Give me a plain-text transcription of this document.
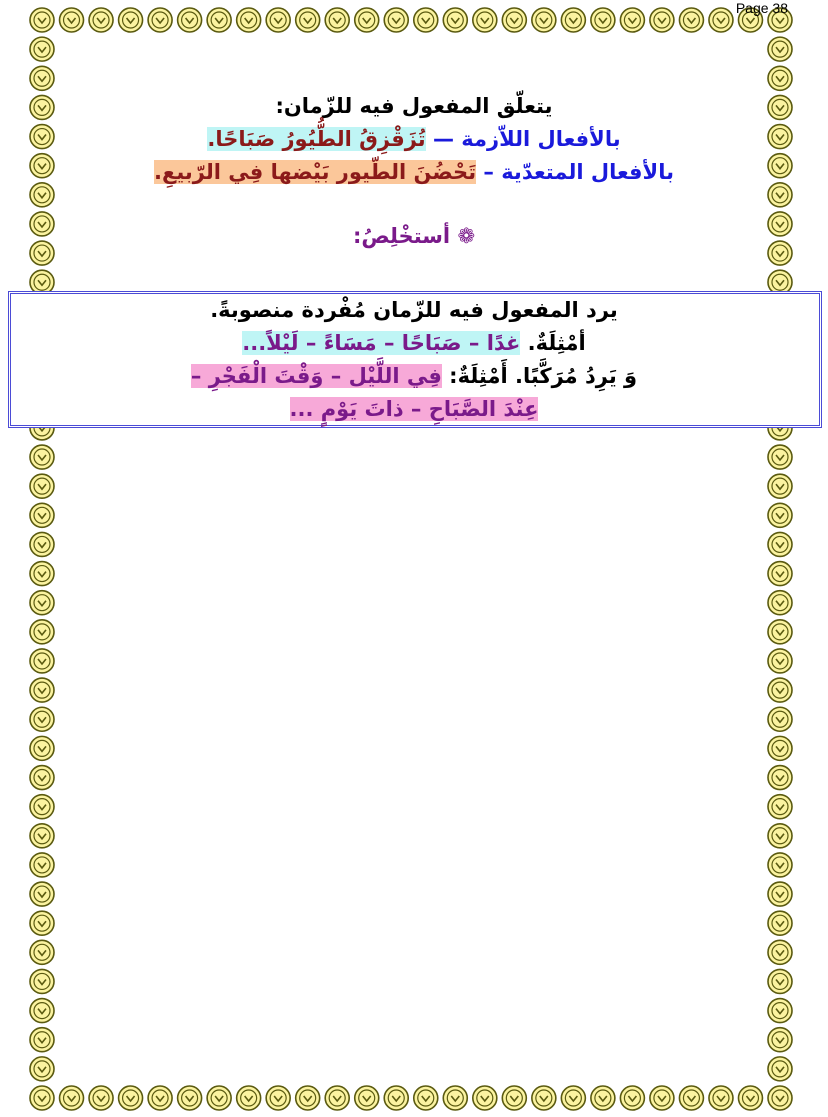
Page 38
يتعلّق المفعول فيه للزّمان:
بالأفعال اللاّزمة — تُزَقْزِقُ الطُّيُورُ صَبَاحًا.
بالأفعال المتعدّية – تَحْضُنَ الطّيور بَيْضها فِي الرّبيعِ.
❁ أستخْلِصُ:
يرد المفعول فيه للزّمان مُفْردة منصوبةً.
أمْثِلَةٌ. غدًا – صَبَاحًا – مَسَاءً – لَيْلاً...
وَ يَرِدُ مُرَكَّبًا. أَمْثِلَةٌ: فِي اللَّيْل – وَقْتَ الْفَجْرِ –
عِنْدَ الصَّبَاحِ – ذاتَ يَوْمٍ ...
